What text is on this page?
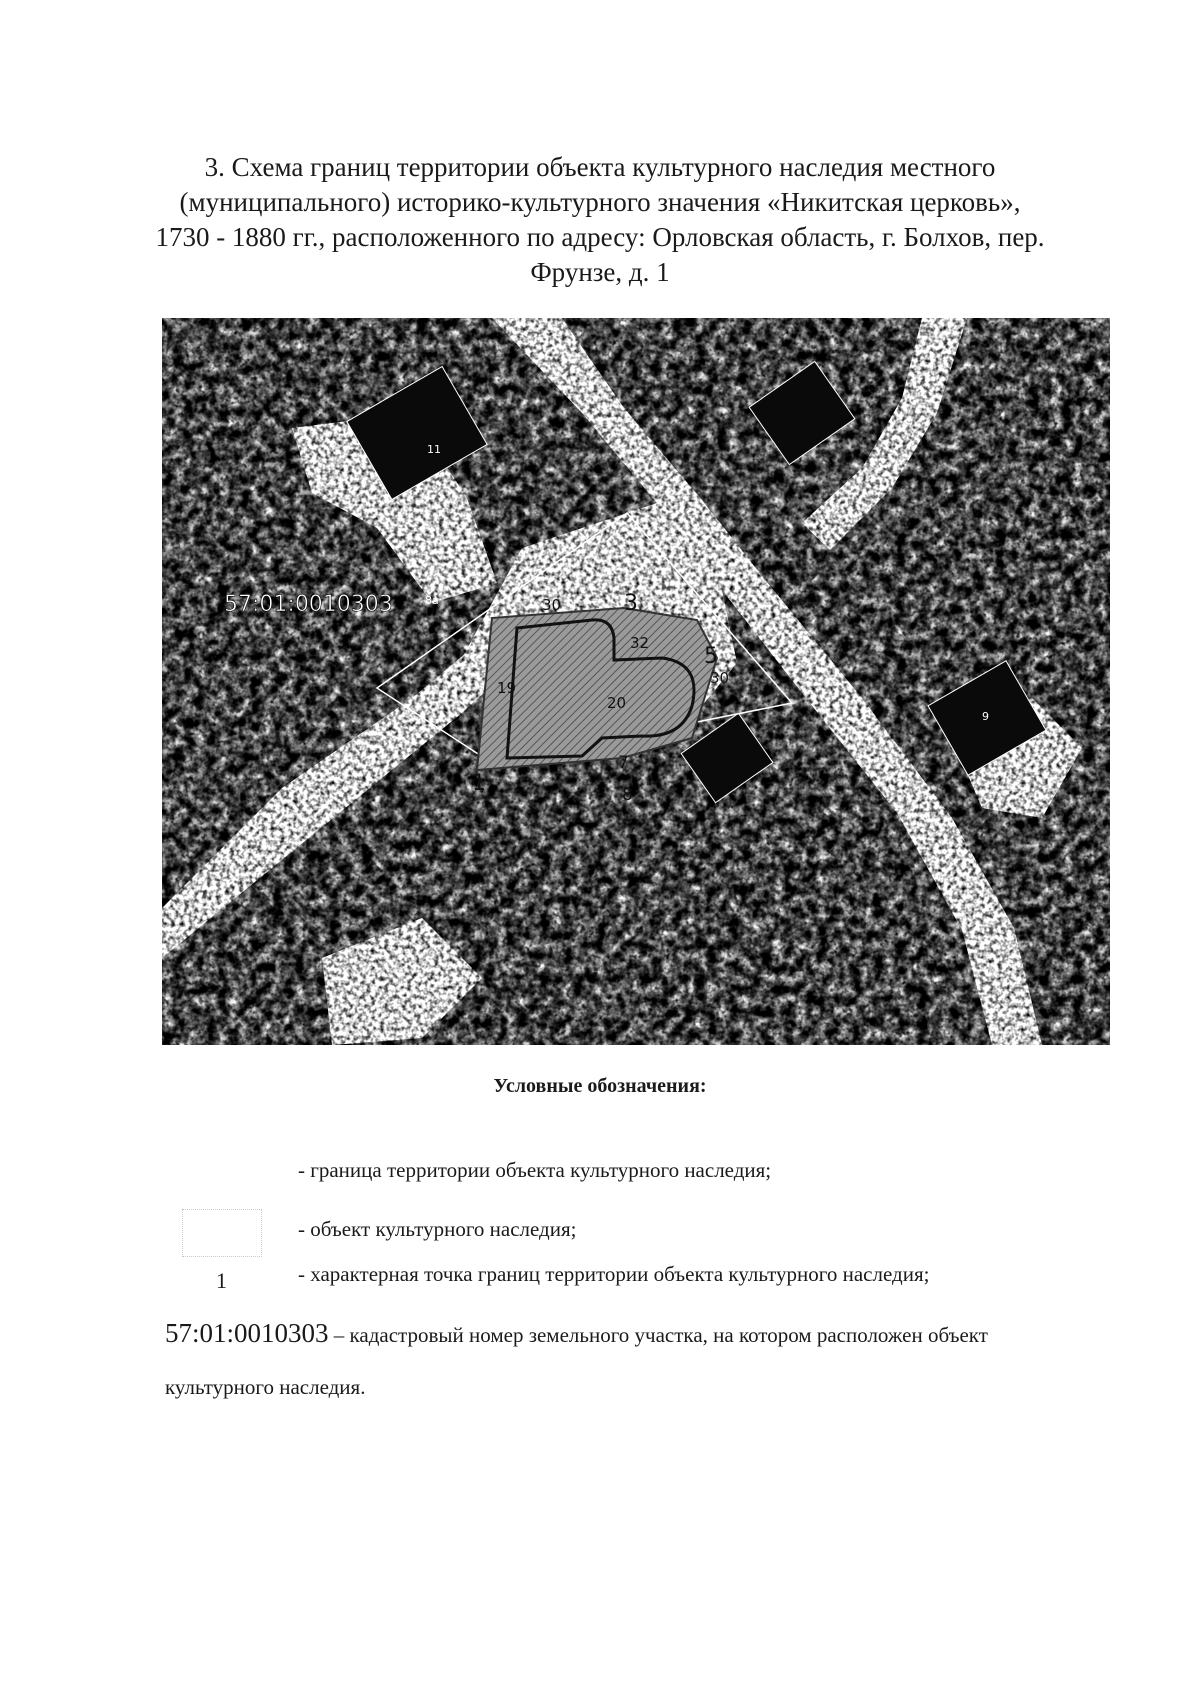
3. Схема границ территории объекта культурного наследия местного
(муниципального) историко-культурного значения «Никитская церковь»,
1730 - 1880 гг., расположенного по адресу: Орловская область, г. Болхов, пер.
Фрунзе, д. 1
30
32
30
20
19
1
3
5
7
8
57:01:0010303
11
8а
9
Условные обозначения:
- граница территории объекта культурного наследия;
- объект культурного наследия;
1	- характерная точка границ территории объекта культурного наследия;
57:01:0010303 – кадастровый номер земельного участка, на котором расположен объект
культурного наследия.
